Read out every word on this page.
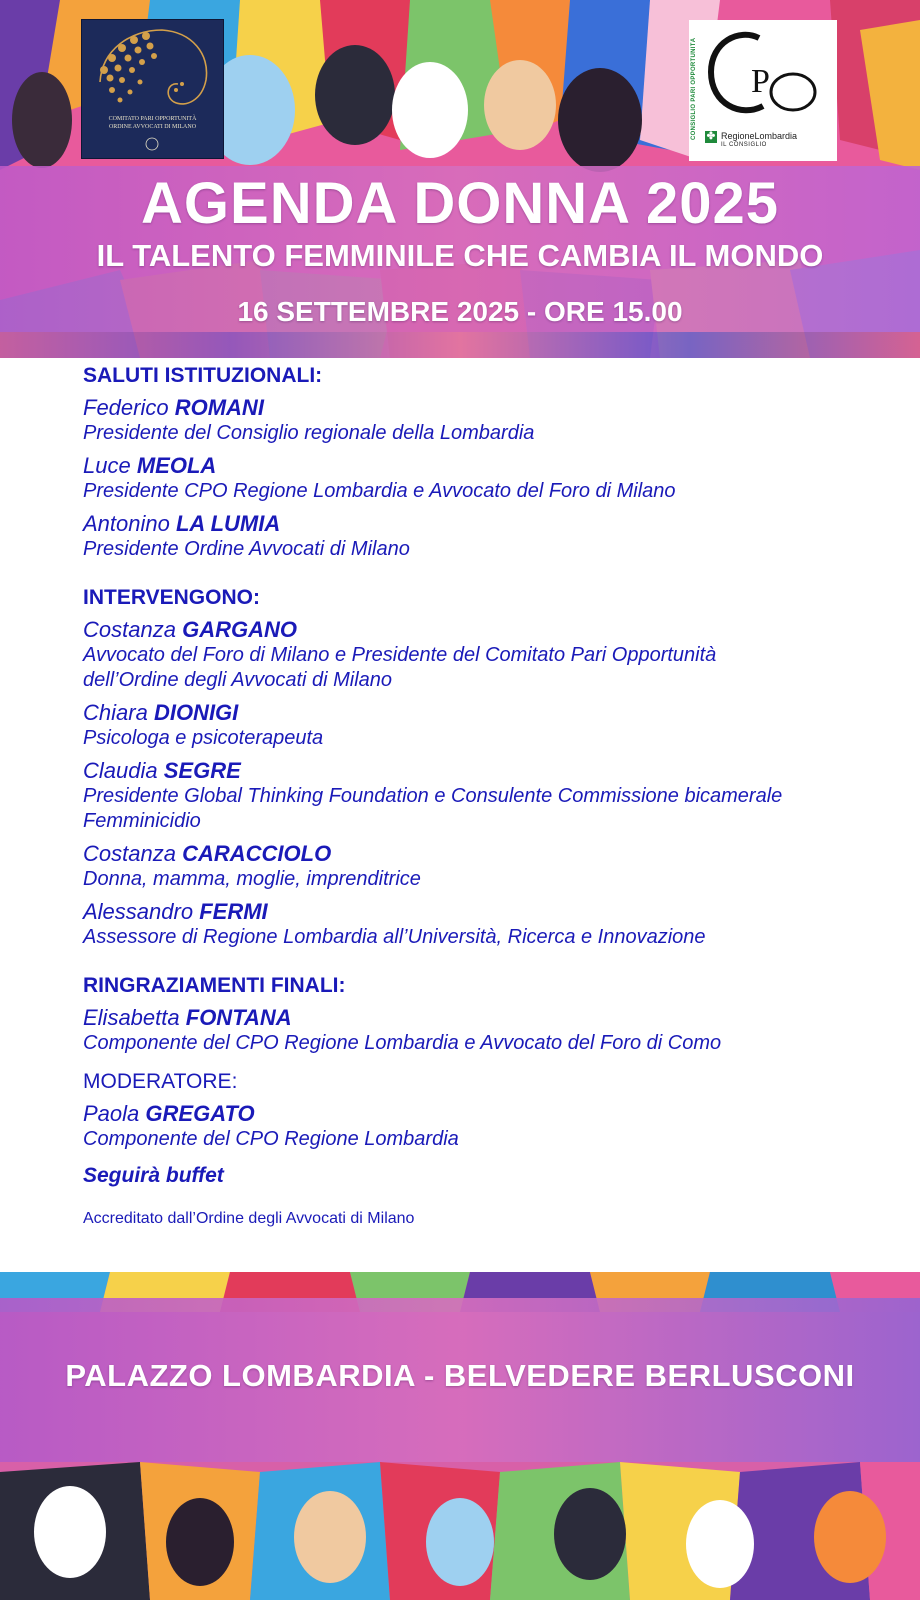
COMITATO PARI OPPORTUNITÀ
ORDINE AVVOCATI DI MILANO	CONSIGLIO PARI OPPORTUNITÀ P
✤ RegioneLombardia
IL CONSIGLIO
AGENDA DONNA 2025
IL TALENTO FEMMINILE CHE CAMBIA IL MONDO
16 SETTEMBRE 2025 - ORE 15.00
SALUTI ISTITUZIONALI:
Federico ROMANI
Presidente del Consiglio regionale della Lombardia
Luce MEOLA
Presidente CPO Regione Lombardia e Avvocato del Foro di Milano
Antonino LA LUMIA
Presidente Ordine Avvocati di Milano
INTERVENGONO:
Costanza GARGANO
Avvocato del Foro di Milano e Presidente del Comitato Pari Opportunità
dell’Ordine degli Avvocati di Milano
Chiara DIONIGI
Psicologa e psicoterapeuta
Claudia SEGRE
Presidente Global Thinking Foundation e Consulente Commissione bicamerale
Femminicidio
Costanza CARACCIOLO
Donna, mamma, moglie, imprenditrice
Alessandro FERMI
Assessore di Regione Lombardia all’Università, Ricerca e Innovazione
RINGRAZIAMENTI FINALI:
Elisabetta FONTANA
Componente del CPO Regione Lombardia e Avvocato del Foro di Como
MODERATORE:
Paola GREGATO
Componente del CPO Regione Lombardia
Seguirà buffet
Accreditato dall’Ordine degli Avvocati di Milano
PALAZZO LOMBARDIA - BELVEDERE BERLUSCONI
